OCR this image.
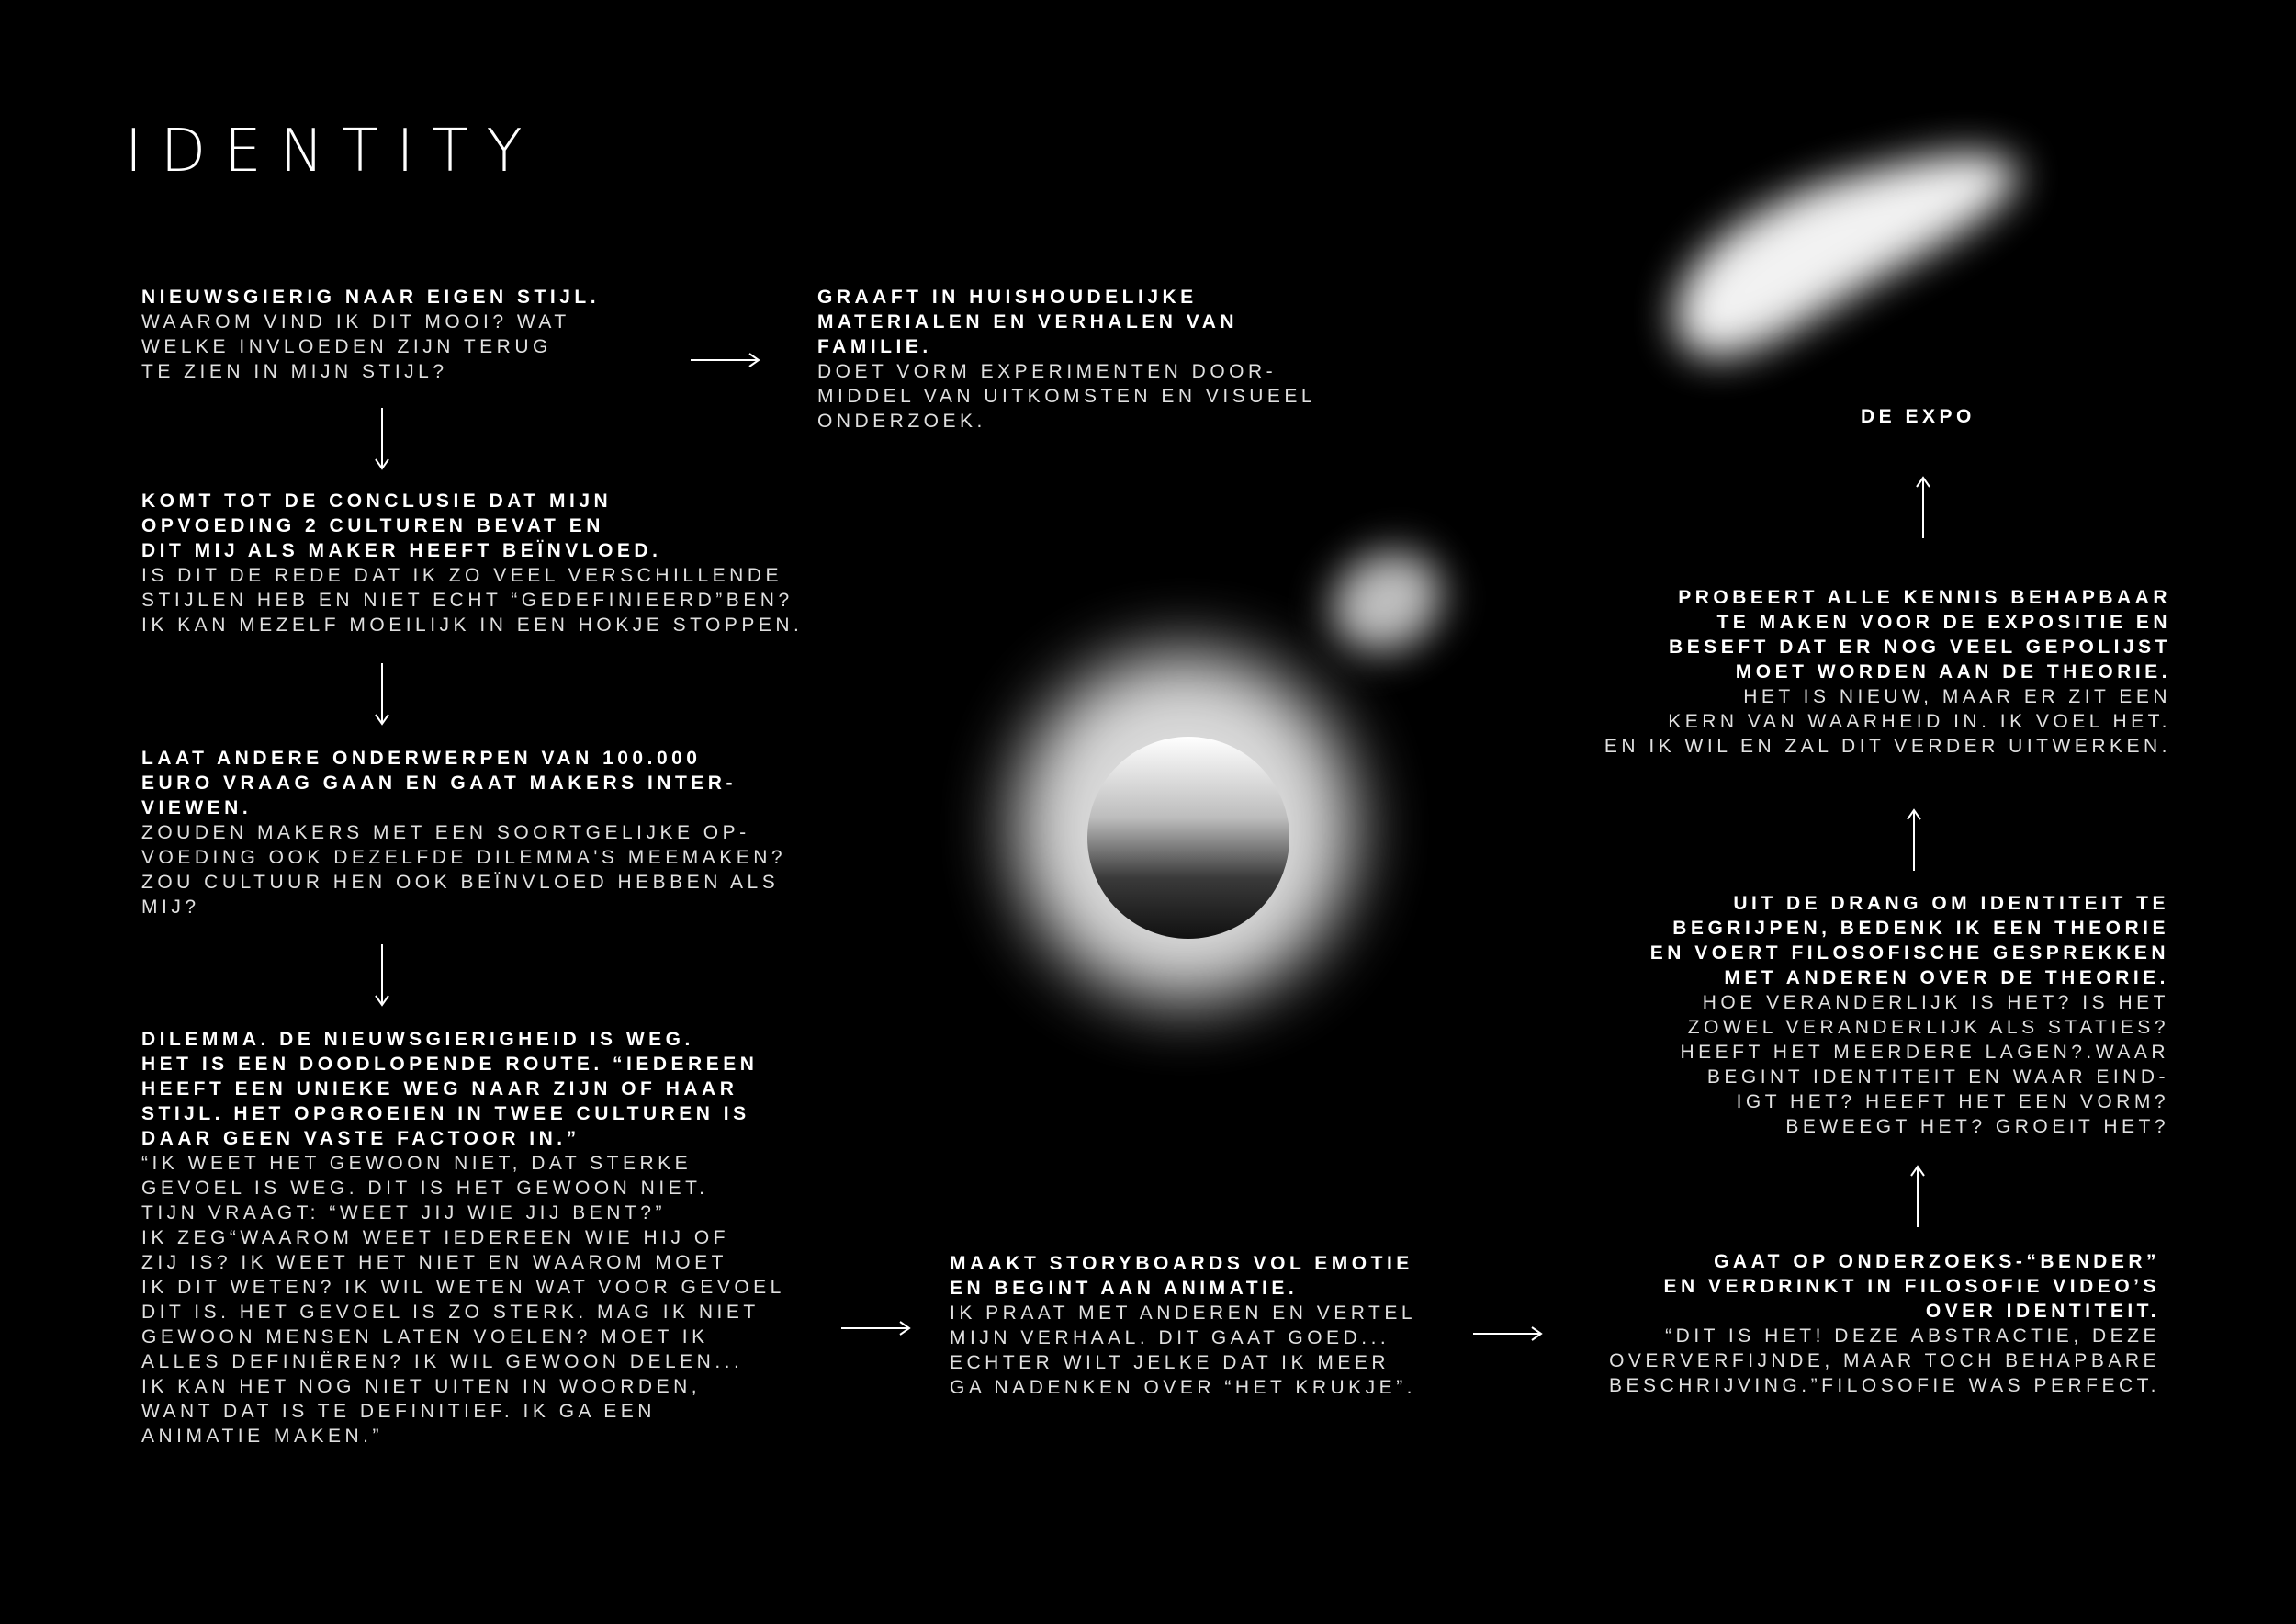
IDENTITY
NIEUWSGIERIG NAAR EIGEN STIJL.
WAAROM VIND IK DIT MOOI? WAT
WELKE INVLOEDEN ZIJN TERUG
TE ZIEN IN MIJN STIJL?
KOMT TOT DE CONCLUSIE DAT MIJN
OPVOEDING 2 CULTUREN BEVAT EN
DIT MIJ ALS MAKER HEEFT BEÏNVLOED.
IS DIT DE REDE DAT IK ZO VEEL VERSCHILLENDE
STIJLEN HEB EN NIET ECHT “GEDEFINIEERD”BEN?
IK KAN MEZELF MOEILIJK IN EEN HOKJE STOPPEN.
LAAT ANDERE ONDERWERPEN VAN 100.000
EURO VRAAG GAAN EN GAAT MAKERS INTER-
VIEWEN.
ZOUDEN MAKERS MET EEN SOORTGELIJKE OP-
VOEDING OOK DEZELFDE DILEMMA'S MEEMAKEN?
ZOU CULTUUR HEN OOK BEÏNVLOED HEBBEN ALS
MIJ?
DILEMMA. DE NIEUWSGIERIGHEID IS WEG.
HET IS EEN DOODLOPENDE ROUTE. “IEDEREEN
HEEFT EEN UNIEKE WEG NAAR ZIJN OF HAAR
STIJL. HET OPGROEIEN IN TWEE CULTUREN IS
DAAR GEEN VASTE FACTOOR IN.”
“IK WEET HET GEWOON NIET, DAT STERKE
GEVOEL IS WEG. DIT IS HET GEWOON NIET.
TIJN VRAAGT: “WEET JIJ WIE JIJ BENT?”
IK ZEG“WAAROM WEET IEDEREEN WIE HIJ OF
ZIJ IS? IK WEET HET NIET EN WAAROM MOET
IK DIT WETEN? IK WIL WETEN WAT VOOR GEVOEL
DIT IS. HET GEVOEL IS ZO STERK. MAG IK NIET
GEWOON MENSEN LATEN VOELEN? MOET IK
ALLES DEFINIËREN? IK WIL GEWOON DELEN...
IK KAN HET NOG NIET UITEN IN WOORDEN,
WANT DAT IS TE DEFINITIEF. IK GA EEN
ANIMATIE MAKEN.”
GRAAFT IN HUISHOUDELIJKE
MATERIALEN EN VERHALEN VAN
FAMILIE.
DOET VORM EXPERIMENTEN DOOR-
MIDDEL VAN UITKOMSTEN EN VISUEEL
ONDERZOEK.
MAAKT STORYBOARDS VOL EMOTIE
EN BEGINT AAN ANIMATIE.
IK PRAAT MET ANDEREN EN VERTEL
MIJN VERHAAL. DIT GAAT GOED...
ECHTER WILT JELKE DAT IK MEER
GA NADENKEN OVER “HET KRUKJE”.
GAAT OP ONDERZOEKS-“BENDER”
EN VERDRINKT IN FILOSOFIE VIDEO’S
OVER IDENTITEIT.
“DIT IS HET! DEZE ABSTRACTIE, DEZE
OVERVERFIJNDE, MAAR TOCH BEHAPBARE
BESCHRIJVING.”FILOSOFIE WAS PERFECT.
UIT DE DRANG OM IDENTITEIT TE
BEGRIJPEN, BEDENK IK EEN THEORIE
EN VOERT FILOSOFISCHE GESPREKKEN
MET ANDEREN OVER DE THEORIE.
HOE VERANDERLIJK IS HET? IS HET
ZOWEL VERANDERLIJK ALS STATIES?
HEEFT HET MEERDERE LAGEN?.WAAR
BEGINT IDENTITEIT EN WAAR EIND-
IGT HET? HEEFT HET EEN VORM?
BEWEEGT HET? GROEIT HET?
PROBEERT ALLE KENNIS BEHAPBAAR
TE MAKEN VOOR DE EXPOSITIE EN
BESEFT DAT ER NOG VEEL GEPOLIJST
MOET WORDEN AAN DE THEORIE.
HET IS NIEUW, MAAR ER ZIT EEN
KERN VAN WAARHEID IN. IK VOEL HET.
EN IK WIL EN ZAL DIT VERDER UITWERKEN.
DE EXPO
